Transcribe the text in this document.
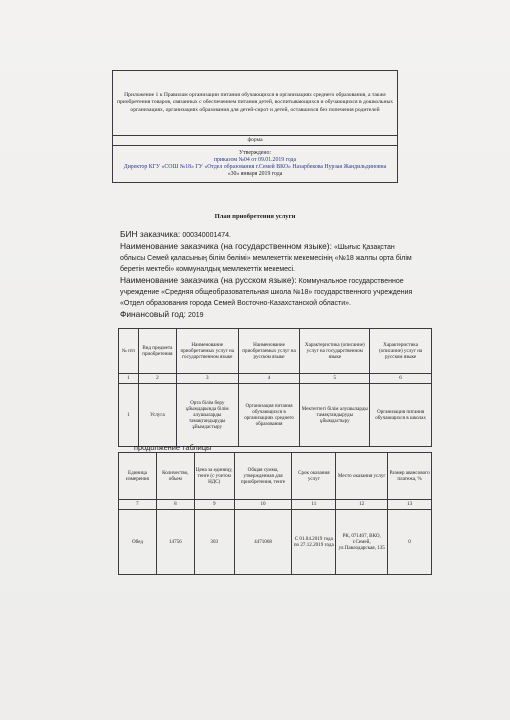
Приложение 1 к Правилам организации питания обучающихся в организациях среднего образования, а также приобретения товаров, связанных с обеспечением питания детей, воспитывающихся и обучающихся в дошкольных организациях, организациях образования для детей-сирот и детей, оставшихся без попечения родителей
форма

Утверждено:
приказом №04 от 09.01.2019 года
Директор КГУ «СОШ №18» ГУ «Отдел образования г.Семей ВКО» Назарбекова Нурзая Жандильдиновна
«30» января 2019 года
План приобретения услуги

БИН заказчика: 000340001474.

Наименование заказчика (на государственном языке): «Шығыс Қазақстан облысы Семей қаласының білім бөлімі» мемлекеттік мекемесінің «№18 жалпы орта білім беретін мектебі» коммуналдық мемлекеттік мекемесі.

Наименование заказчика (на русском языке): Коммунальное государственное учреждение «Средняя общеобразовательная школа №18» государственного учреждения «Отдел образования города Семей Восточно-Казахстанской области».

Финансовый год: 2019

№ п/п	Вид предмета приобретения	Наименование приобретаемых услуг на государственном языке	Наименование приобретаемых услуг на русском языке	Характеристика (описание) услуг на государственном языке	Характеристика (описание) услуг на русском языке
1	2	3	4	5	6
1	Услуга	Орта білім беру ұйымдарында білім алушыларды тамақтандыруды ұйымдастыру	Организация питания обучающихся в организациях среднего образования	Мектептегі білім алушыларды тамақтандыруды ұйымдастыру	Организация питания обучающихся в школах
продолжение таблицы
Единица измерения	Количество, объем	Цена за единицу, тенге (с учетом НДС)	Общая сумма, утвержденная для приобретения, тенге	Срок оказания услуг	Место оказания услуг	Размер авансового платежа, %
7	8	9	10	11	12	13
Обед	14756	303	4471068	С 01.04.2019 года по 27.12.2019 года	РК, 071407, ВКО, г.Семей, ул.Павлодарская, 135	0
